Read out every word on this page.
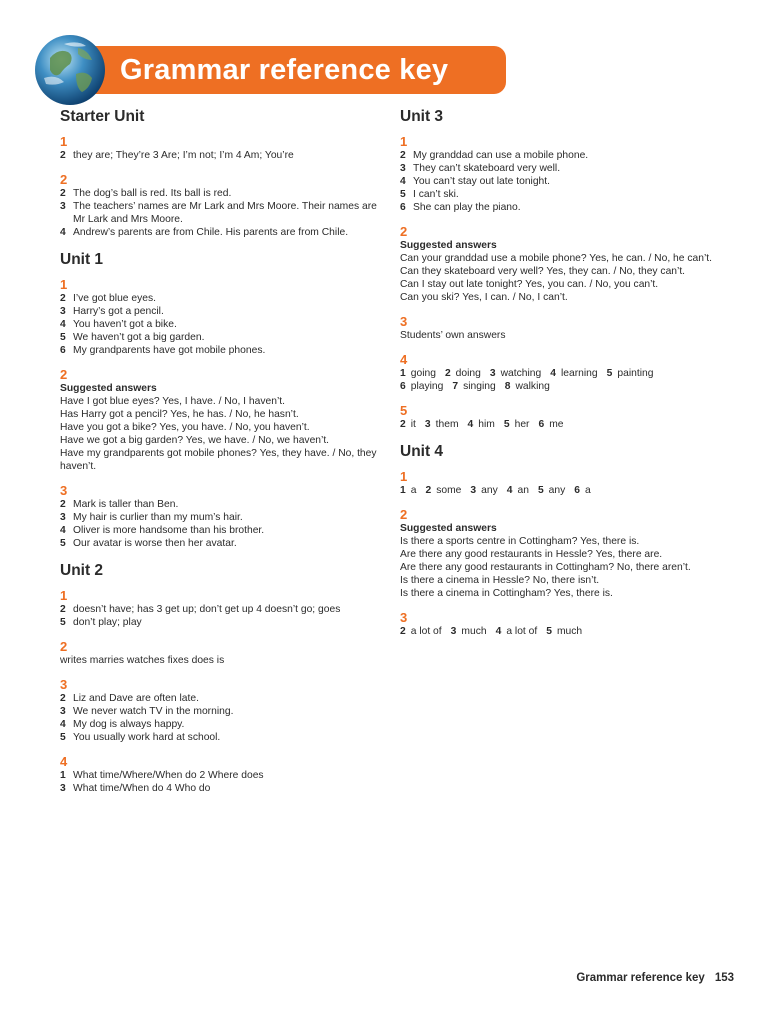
Grammar reference key
Starter Unit
1
2 they are; They’re 3 Are; I’m not; I’m 4 Am; You’re
2
2 The dog’s ball is red. Its ball is red.
3 The teachers’ names are Mr Lark and Mrs Moore. Their names are Mr Lark and Mrs Moore.
4 Andrew’s parents are from Chile. His parents are from Chile.
Unit 1
1
2 I’ve got blue eyes.
3 Harry’s got a pencil.
4 You haven’t got a bike.
5 We haven’t got a big garden.
6 My grandparents have got mobile phones.
2
Suggested answers
Have I got blue eyes? Yes, I have. / No, I haven’t.
Has Harry got a pencil? Yes, he has. / No, he hasn’t.
Have you got a bike? Yes, you have. / No, you haven’t.
Have we got a big garden? Yes, we have. / No, we haven’t.
Have my grandparents got mobile phones? Yes, they have. / No, they
haven’t.
3
2 Mark is taller than Ben.
3 My hair is curlier than my mum’s hair.
4 Oliver is more handsome than his brother.
5 Our avatar is worse then her avatar.
Unit 2
1
2 doesn’t have; has 3 get up; don’t get up 4 doesn’t go; goes
5 don’t play; play
2
writes marries watches fixes does is
3
2 Liz and Dave are often late.
3 We never watch TV in the morning.
4 My dog is always happy.
5 You usually work hard at school.
4
1 What time/Where/When do 2 Where does
3 What time/When do 4 Who do
Unit 3
1
2 My granddad can use a mobile phone.
3 They can’t skateboard very well.
4 You can’t stay out late tonight.
5 I can’t ski.
6 She can play the piano.
2
Suggested answers
Can your granddad use a mobile phone? Yes, he can. / No, he can’t.
Can they skateboard very well? Yes, they can. / No, they can’t.
Can I stay out late tonight? Yes, you can. / No, you can’t.
Can you ski? Yes, I can. / No, I can’t.
3
Students’ own answers
4
1 going 2 doing 3 watching 4 learning 5 painting
6 playing 7 singing 8 walking
5
2 it 3 them 4 him 5 her 6 me
Unit 4
1
1 a 2 some 3 any 4 an 5 any 6 a
2
Suggested answers
Is there a sports centre in Cottingham? Yes, there is.
Are there any good restaurants in Hessle? Yes, there are.
Are there any good restaurants in Cottingham? No, there aren’t.
Is there a cinema in Hessle? No, there isn’t.
Is there a cinema in Cottingham? Yes, there is.
3
2 a lot of 3 much 4 a lot of 5 much
Grammar reference key 153
